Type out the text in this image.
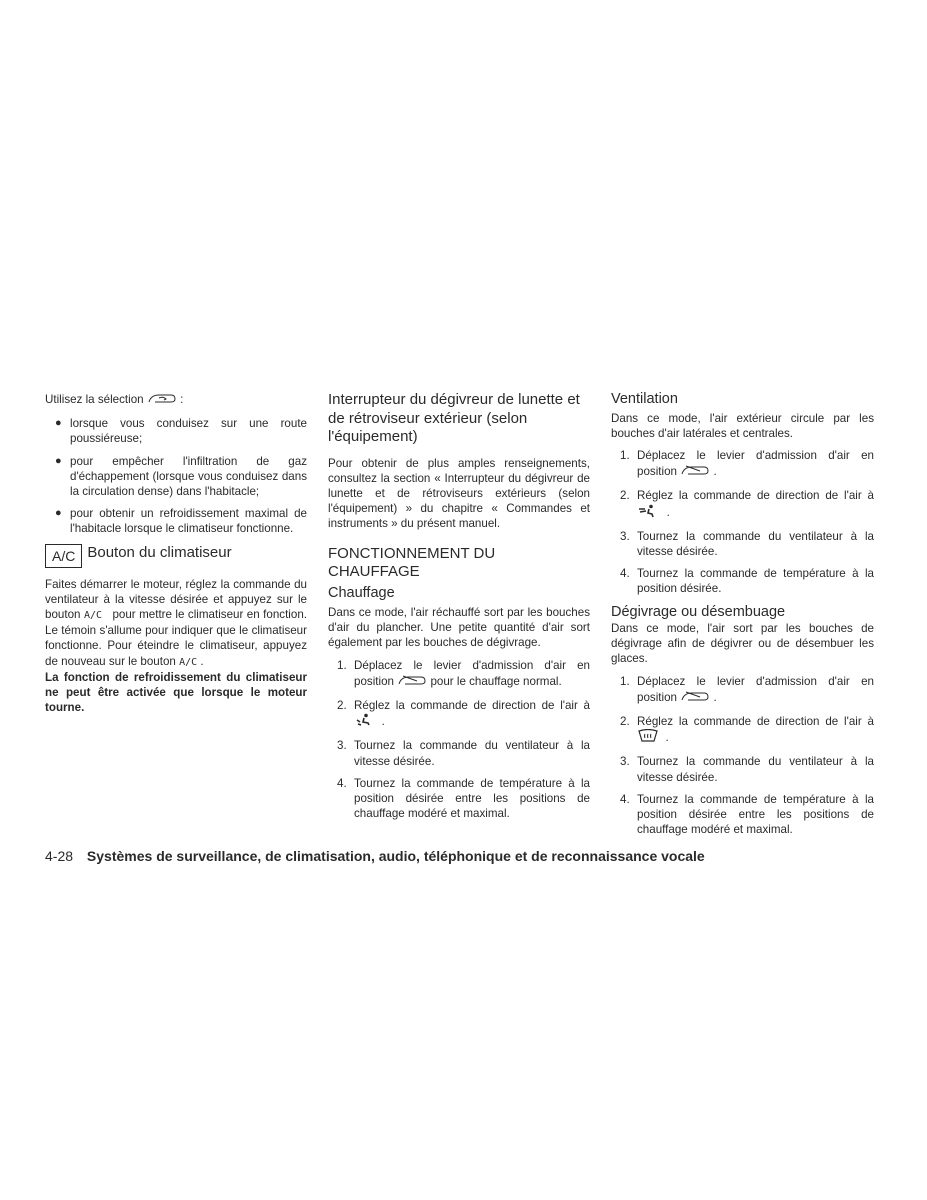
Utilisez la sélection	:

● lorsque vous conduisez sur une route poussiéreuse;
● pour empêcher l'infiltration de gaz d'échappement (lorsque vous conduisez dans la circulation dense) dans l'habitacle;
● pour obtenir un refroidissement maximal de l'habitacle lorsque le climatiseur fonctionne.
A/C Bouton du climatiseur

Faites démarrer le moteur, réglez la commande du ventilateur à la vitesse désirée et appuyez sur le bouton A/C pour mettre le climatiseur en fonction. Le témoin s'allume pour indiquer que le climatiseur fonctionne. Pour éteindre le climatiseur, appuyez de nouveau sur le bouton A/C .

La fonction de refroidissement du climatiseur ne peut être activée que lorsque le moteur tourne.

Interrupteur du dégivreur de lunette et de rétroviseur extérieur (selon l'équipement)

Pour obtenir de plus amples renseignements, consultez la section « Interrupteur du dégivreur de lunette et de rétroviseurs extérieurs (selon l'équipement) » du chapitre « Commandes et instruments » du présent manuel.

FONCTIONNEMENT DU CHAUFFAGE
Chauffage

Dans ce mode, l'air réchauffé sort par les bouches d'air du plancher. Une petite quantité d'air sort également par les bouches de dégivrage.

1. Déplacez le levier d'admission d'air en position	pour le chauffage normal.
2. Réglez la commande de direction de l'air à    .
3. Tournez la commande du ventilateur à la vitesse désirée.
4. Tournez la commande de température à la position désirée entre les positions de chauffage modéré et maximal.
Ventilation

Dans ce mode, l'air extérieur circule par les bouches d'air latérales et centrales.

1. Déplacez le levier d'admission d'air en position	.
2. Réglez la commande de direction de l'air à    .
3. Tournez la commande du ventilateur à la vitesse désirée.
4. Tournez la commande de température à la position désirée.
Dégivrage ou désembuage

Dans ce mode, l'air sort par les bouches de dégivrage afin de dégivrer ou de désembuer les glaces.

1. Déplacez le levier d'admission d'air en position	.
2. Réglez la commande de direction de l'air à   .
3. Tournez la commande du ventilateur à la vitesse désirée.
4. Tournez la commande de température à la position désirée entre les positions de chauffage modéré et maximal.
4-28 Systèmes de surveillance, de climatisation, audio, téléphonique et de reconnaissance vocale
